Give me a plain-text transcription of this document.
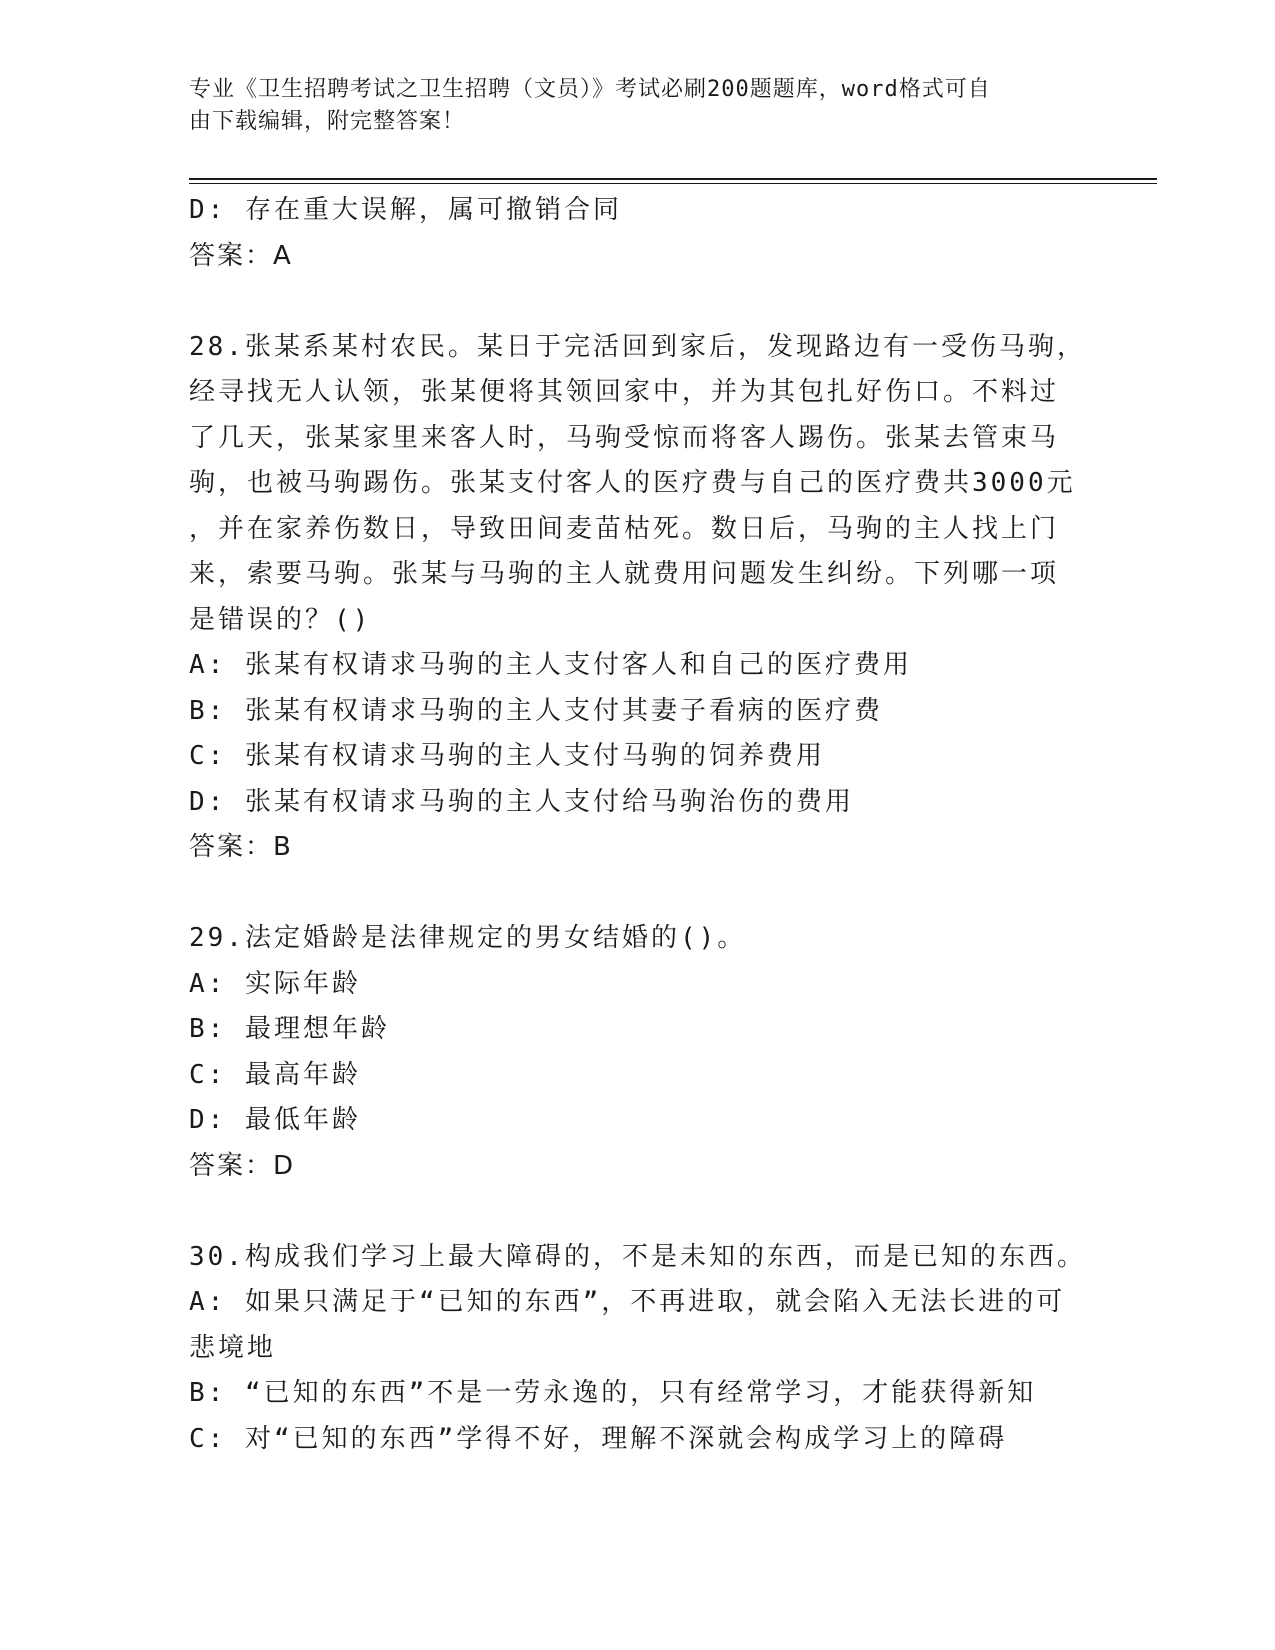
专业《卫生招聘考试之卫生招聘（文员）》考试必刷200题题库，word格式可自
由下载编辑，附完整答案！
D: 存在重大误解，属可撤销合同
答案：A
28.张某系某村农民。某日于完活回到家后，发现路边有一受伤马驹，
经寻找无人认领，张某便将其领回家中，并为其包扎好伤口。不料过
了几天，张某家里来客人时，马驹受惊而将客人踢伤。张某去管束马
驹，也被马驹踢伤。张某支付客人的医疗费与自己的医疗费共3000元
，并在家养伤数日，导致田间麦苗枯死。数日后，马驹的主人找上门
来，索要马驹。张某与马驹的主人就费用问题发生纠纷。下列哪一项
是错误的？()
A: 张某有权请求马驹的主人支付客人和自己的医疗费用
B: 张某有权请求马驹的主人支付其妻子看病的医疗费
C: 张某有权请求马驹的主人支付马驹的饲养费用
D: 张某有权请求马驹的主人支付给马驹治伤的费用
答案：B
29.法定婚龄是法律规定的男女结婚的()。
A: 实际年龄
B: 最理想年龄
C: 最高年龄
D: 最低年龄
答案：D
30.构成我们学习上最大障碍的，不是未知的东西，而是已知的东西。
A: 如果只满足于“已知的东西”，不再进取，就会陷入无法长进的可
悲境地
B: “已知的东西”不是一劳永逸的，只有经常学习，才能获得新知
C: 对“已知的东西”学得不好，理解不深就会构成学习上的障碍
